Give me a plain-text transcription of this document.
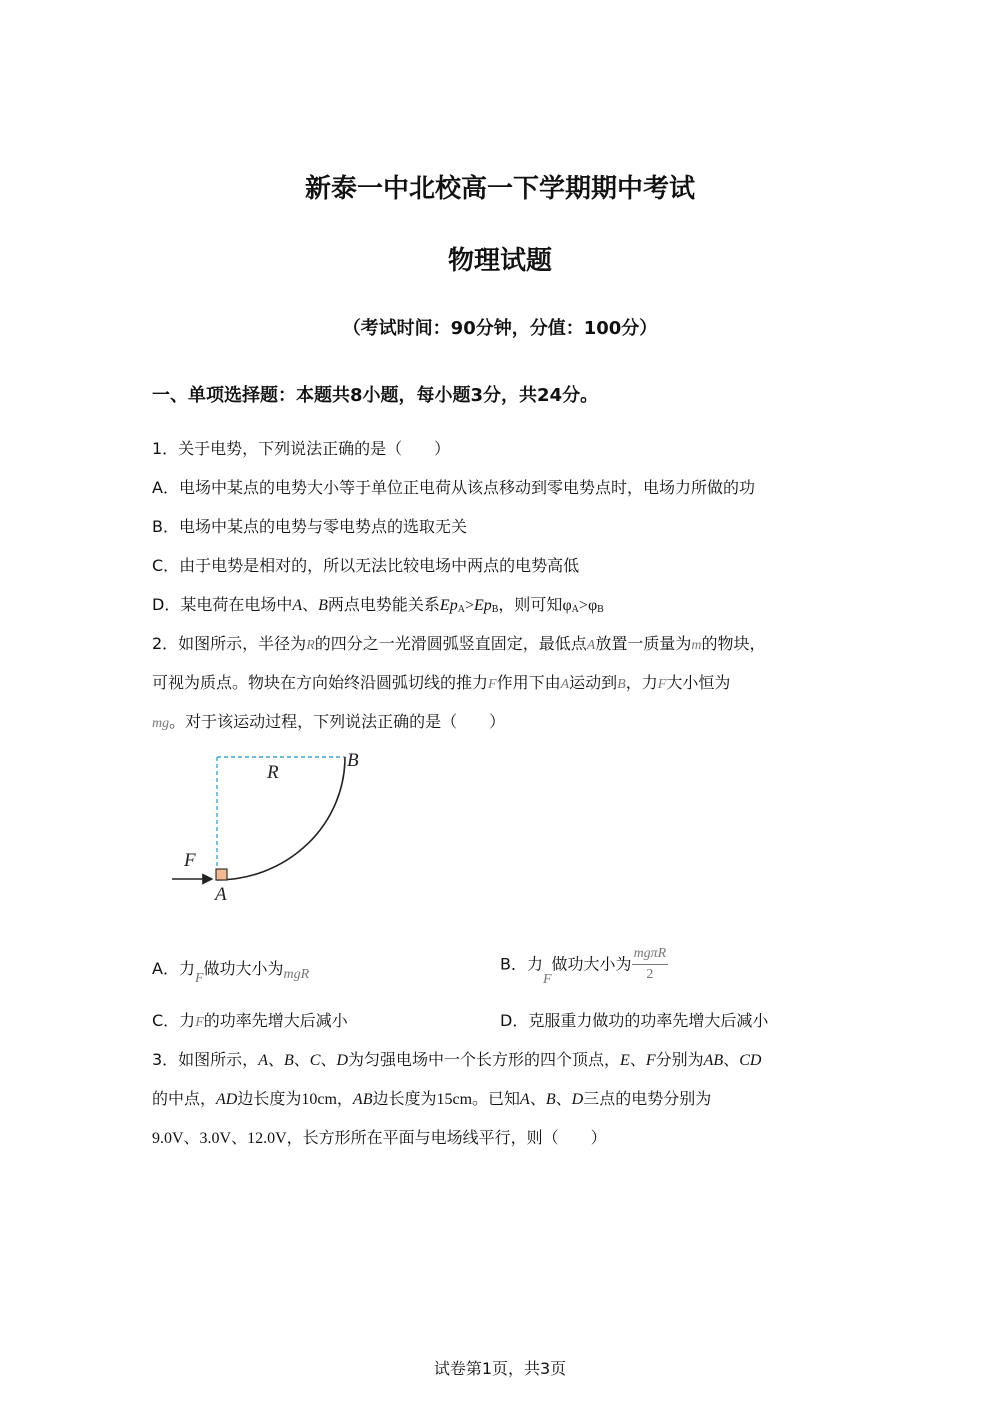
新泰一中北校高一下学期期中考试
物理试题
（考试时间：90分钟，分值：100分）
一、单项选择题：本题共8小题，每小题3分，共24分。
1．关于电势，下列说法正确的是（　　）
A．电场中某点的电势大小等于单位正电荷从该点移动到零电势点时，电场力所做的功
B．电场中某点的电势与零电势点的选取无关
C．由于电势是相对的，所以无法比较电场中两点的电势高低
D．某电荷在电场中A、B两点电势能关系$Ep_A>Ep_B$，则可知$\varphi_A>\varphi_B$
2．如图所示，半径为R的四分之一光滑圆弧竖直固定，最低点A放置一质量为m的物块，
可视为质点。物块在方向始终沿圆弧切线的推力F作用下由A运动到B，力F大小恒为
mg。对于该运动过程，下列说法正确的是（　　）
R
B
F
A
A．力F做功大小为mgR
B．力F做功大小为 $\frac{\text{mgπR}}{2}$
C．力F的功率先增大后减小	D．克服重力做功的功率先增大后减小
3．如图所示，A、B、C、D为匀强电场中一个长方形的四个顶点，E、F分别为AB、CD
的中点，AD边长度为10cm，AB边长度为15cm。已知A、B、D三点的电势分别为
9.0V、3.0V、12.0V，长方形所在平面与电场线平行，则（　　）
试卷第1页，共3页
